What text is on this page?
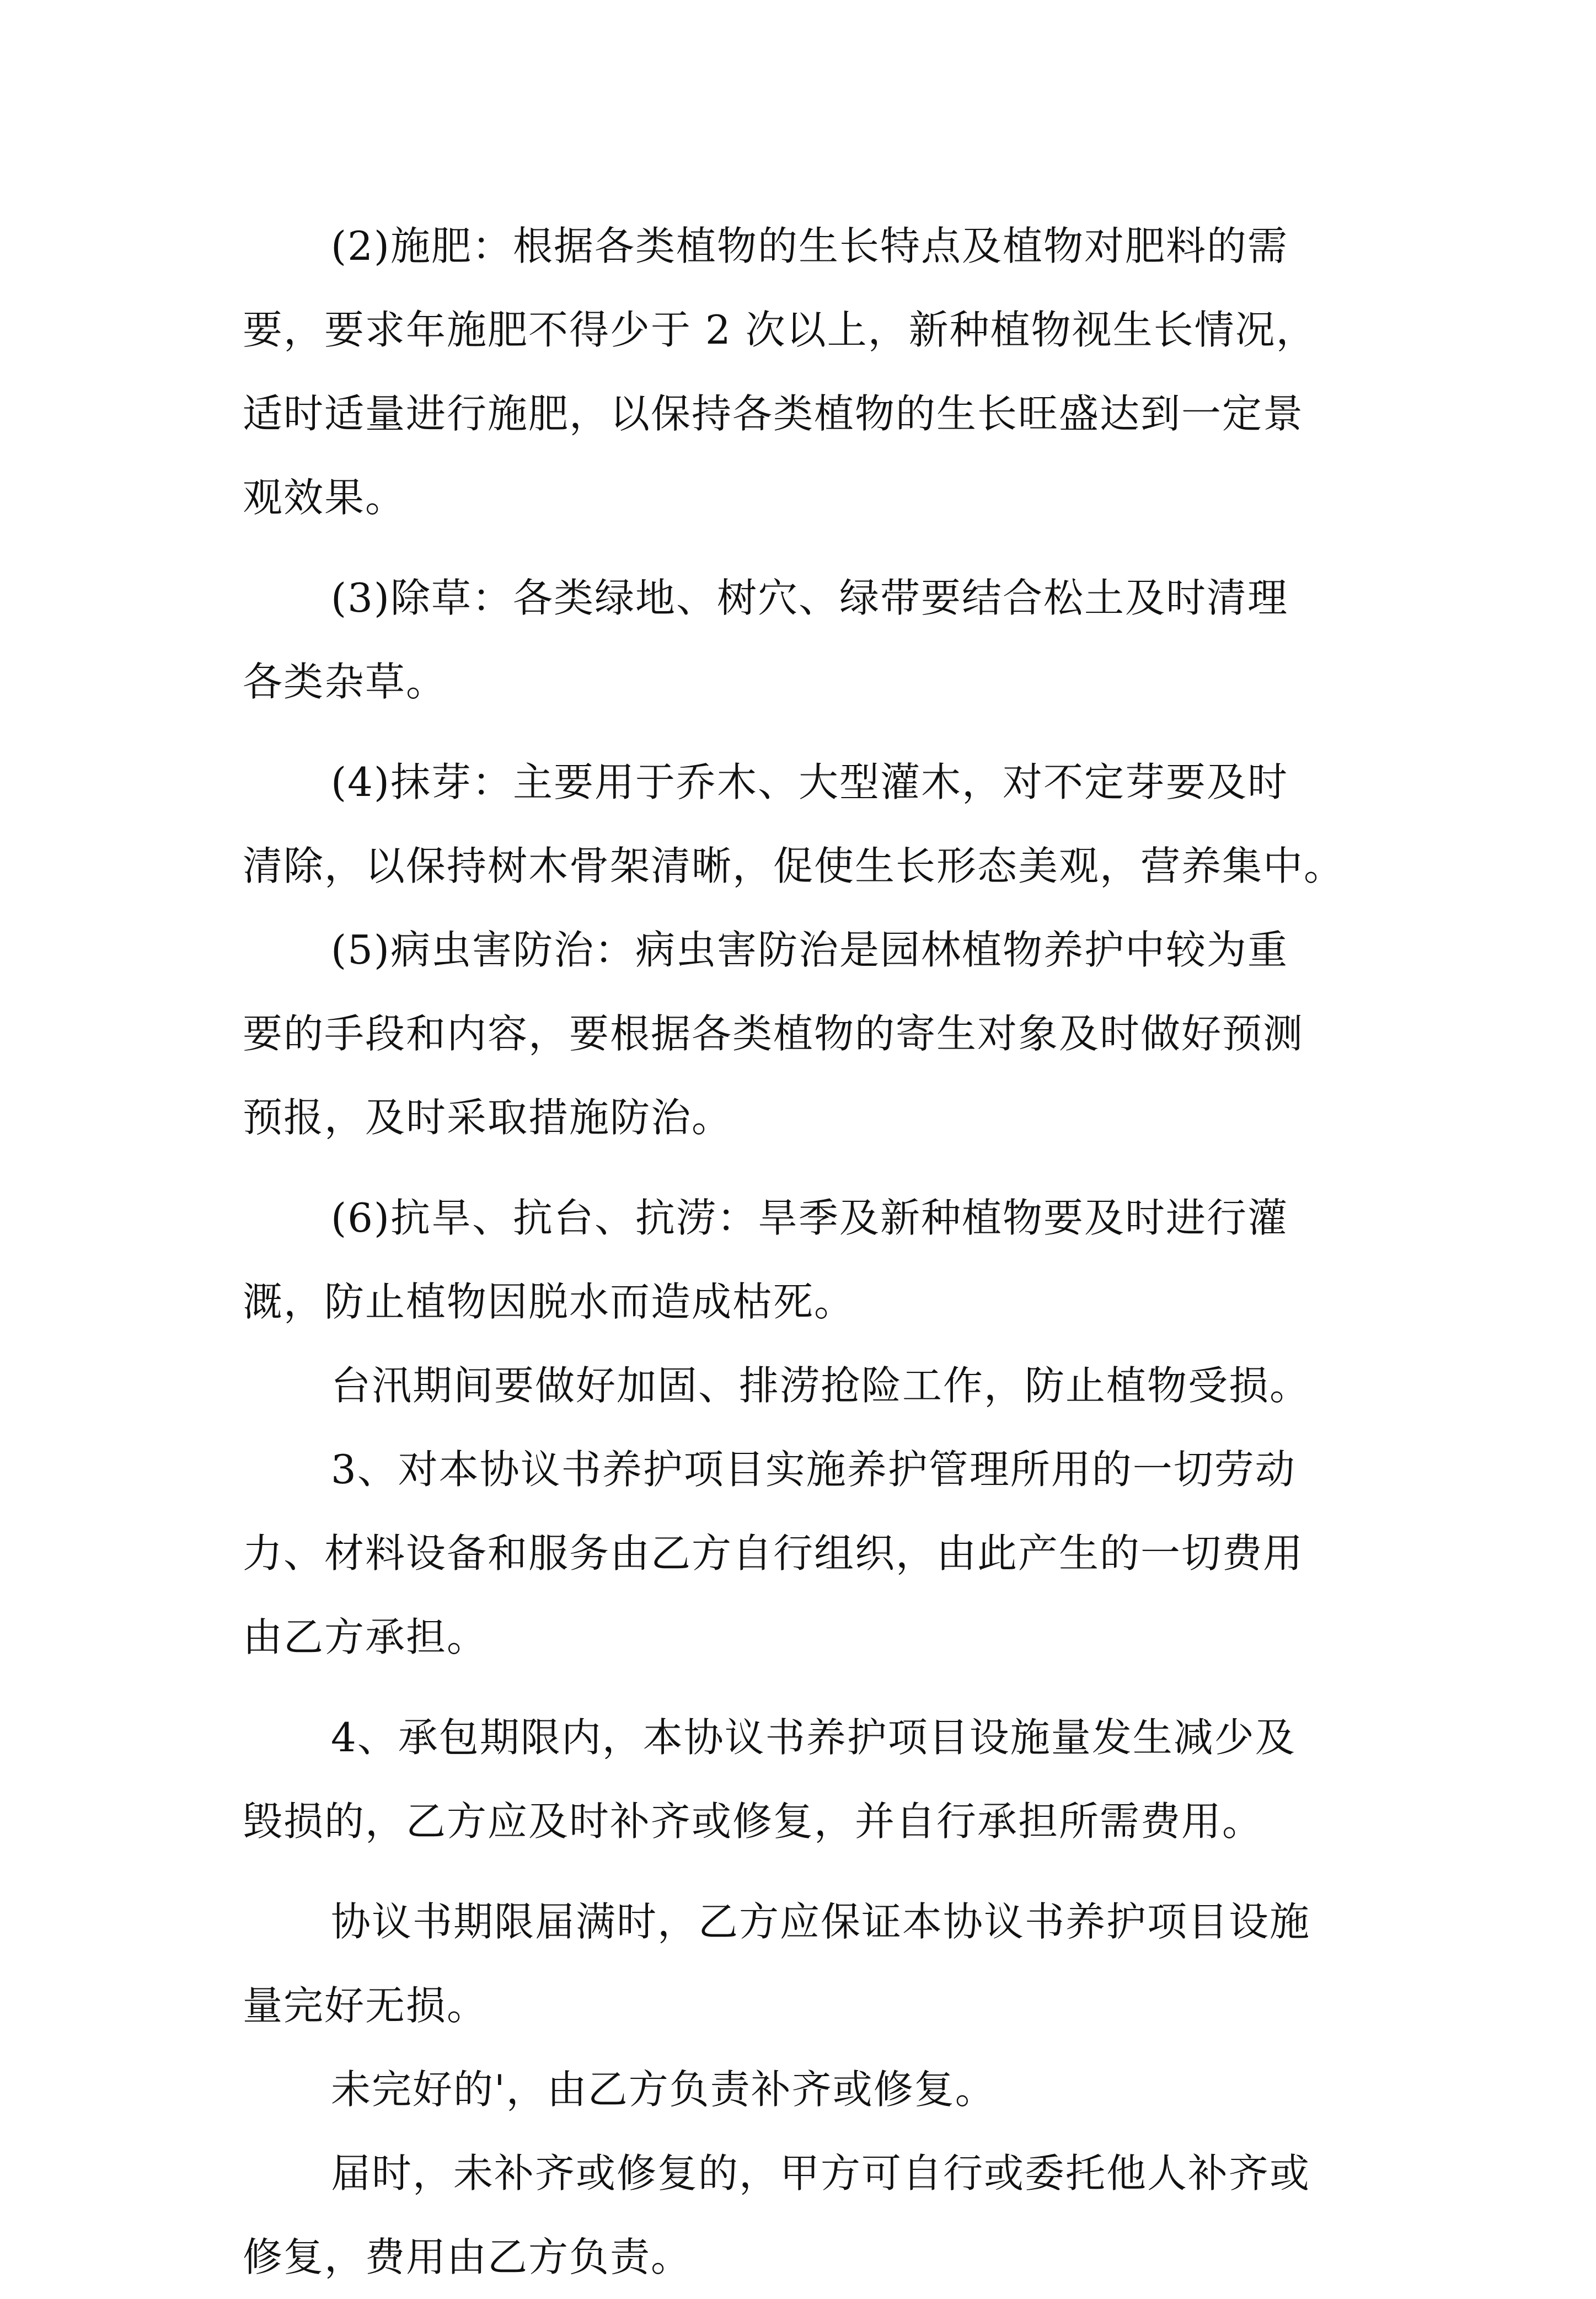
(2)施肥：根据各类植物的生长特点及植物对肥料的需
要，要求年施肥不得少于 2 次以上，新种植物视生长情况，
适时适量进行施肥，以保持各类植物的生长旺盛达到一定景
观效果。
(3)除草：各类绿地、树穴、绿带要结合松土及时清理
各类杂草。
(4)抹芽：主要用于乔木、大型灌木，对不定芽要及时
清除，以保持树木骨架清晰，促使生长形态美观，营养集中。
(5)病虫害防治：病虫害防治是园林植物养护中较为重
要的手段和内容，要根据各类植物的寄生对象及时做好预测
预报，及时采取措施防治。
(6)抗旱、抗台、抗涝：旱季及新种植物要及时进行灌
溉，防止植物因脱水而造成枯死。
台汛期间要做好加固、排涝抢险工作，防止植物受损。
3、对本协议书养护项目实施养护管理所用的一切劳动
力、材料设备和服务由乙方自行组织，由此产生的一切费用
由乙方承担。
4、承包期限内，本协议书养护项目设施量发生减少及
毁损的，乙方应及时补齐或修复，并自行承担所需费用。
协议书期限届满时，乙方应保证本协议书养护项目设施
量完好无损。
未完好的'，由乙方负责补齐或修复。
届时，未补齐或修复的，甲方可自行或委托他人补齐或
修复，费用由乙方负责。
